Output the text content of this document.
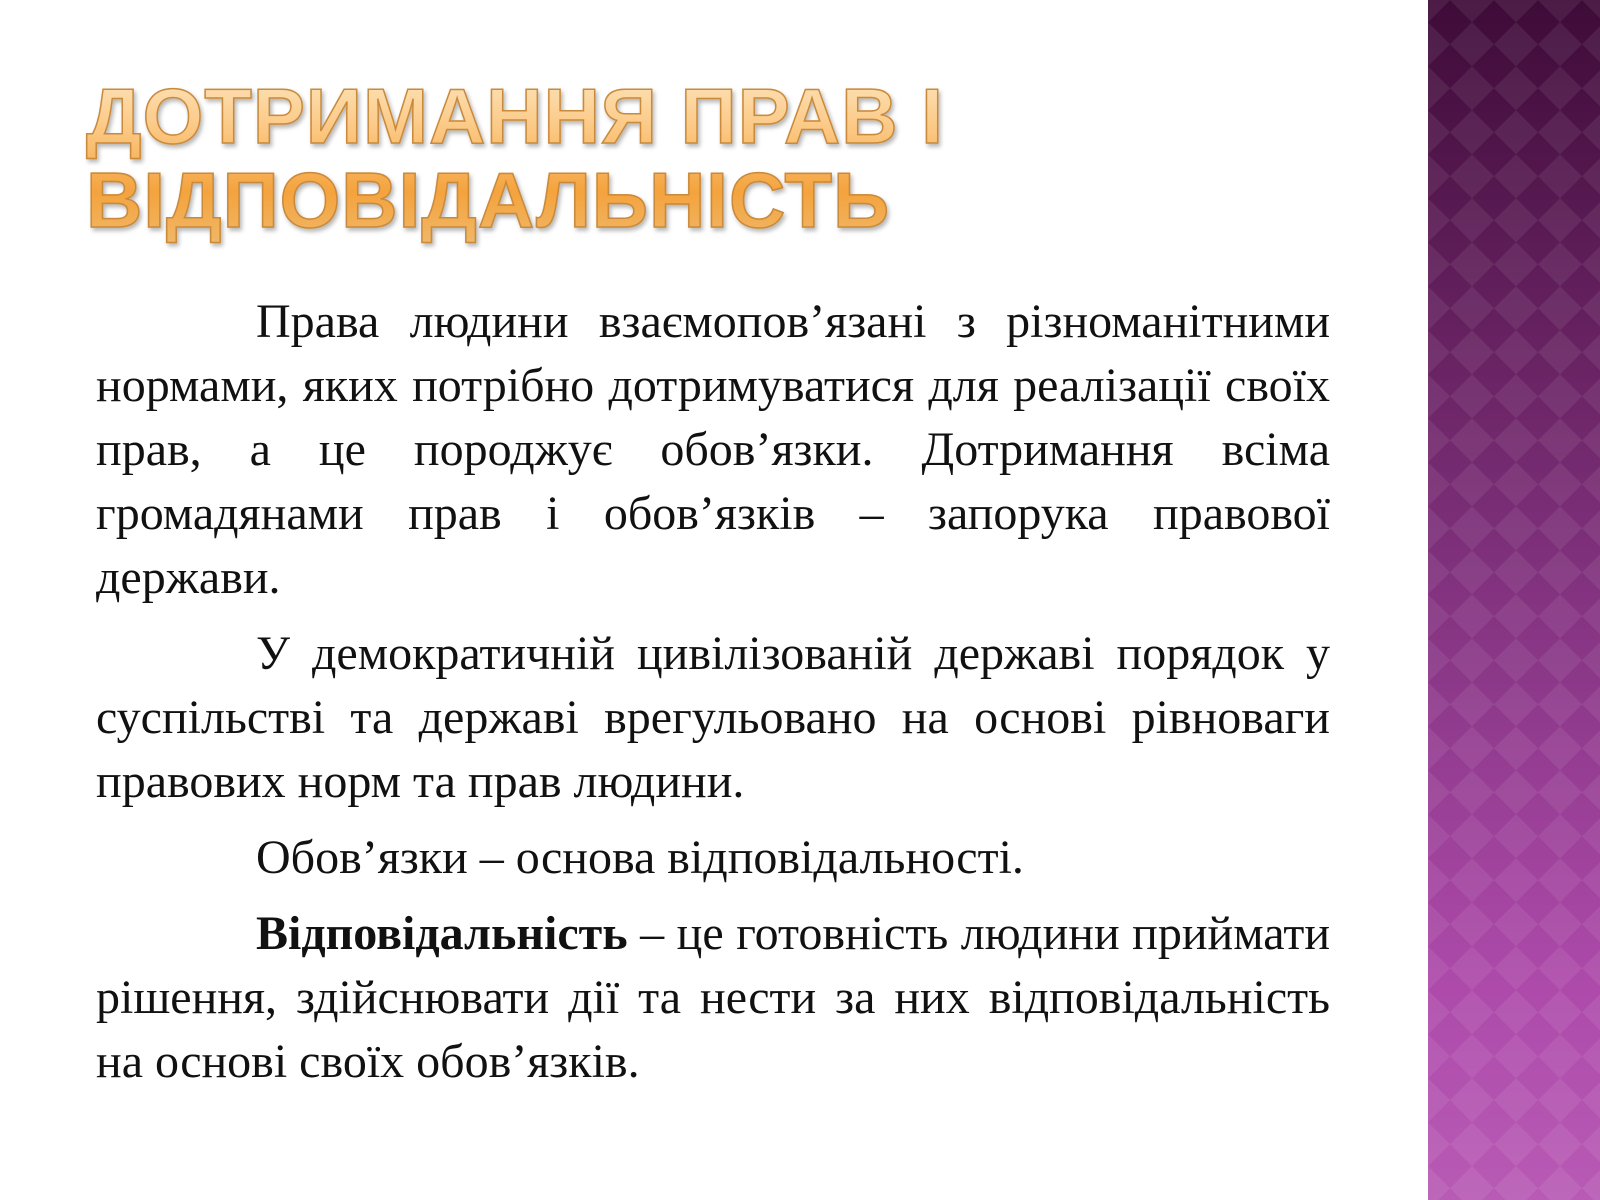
ДОТРИМАННЯ ПРАВ І ВІДПОВІДАЛЬНІСТЬ

Права людини взаємопов’язані з різноманітними нормами, яких потрібно дотримуватися для реалізації своїх прав, а це породжує обов’язки. Дотримання всіма громадянами прав і обов’язків – запорука правової держави.

У демократичній цивілізованій державі порядок у суспільстві та державі врегульовано на основі рівноваги правових норм та прав людини.

Обов’язки – основа відповідальності.

Відповідальність – це готовність людини приймати рішення, здійснювати дії та нести за них відповідальність на основі своїх обов’язків.
